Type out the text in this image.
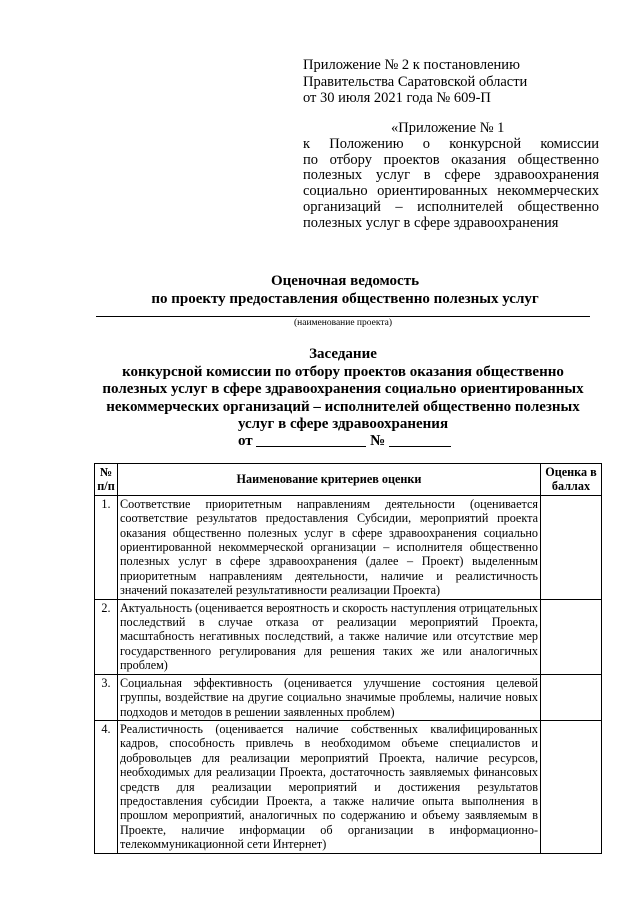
Приложение № 2 к постановлению
Правительства Саратовской области
от 30 июля 2021 года № 609-П
«Приложение № 1
к Положению о конкурсной комиссии
по отбору проектов оказания общественно
полезных услуг в сфере здравоохранения
социально ориентированных некоммерческих
организаций – исполнителей общественно
полезных услуг в сфере здравоохранения
Оценочная ведомость
по проекту предоставления общественно полезных услуг
(наименование проекта)
Заседание
конкурсной комиссии по отбору проектов оказания общественно
полезных услуг в сфере здравоохранения социально ориентированных
некоммерческих организаций – исполнителей общественно полезных
услуг в сфере здравоохранения
от	№
№ п/п	Наименование критериев оценки	Оценка в баллах
1.	Соответствие приоритетным направлениям деятельности (оценивается соответствие результатов предоставления Субсидии, мероприятий проекта оказания общественно полезных услуг в сфере здравоохранения социально ориентированной некоммерческой организации – исполнителя общественно полезных услуг в сфере здравоохранения (далее – Проект) выделенным приоритетным направлениям деятельности, наличие и реалистичность значений показателей результативности реализации Проекта)	
2.	Актуальность (оценивается вероятность и скорость наступления отрицательных последствий в случае отказа от реализации мероприятий Проекта, масштабность негативных последствий, а также наличие или отсутствие мер государственного регулирования для решения таких же или аналогичных проблем)	
3.	Социальная эффективность (оценивается улучшение состояния целевой группы, воздействие на другие социально значимые проблемы, наличие новых подходов и методов в решении заявленных проблем)	
4.	Реалистичность (оценивается наличие собственных квалифицированных кадров, способность привлечь в необходимом объеме специалистов и добровольцев для реализации мероприятий Проекта, наличие ресурсов, необходимых для реализации Проекта, достаточность заявляемых финансовых средств для реализации мероприятий и достижения результатов предоставления субсидии Проекта, а также наличие опыта выполнения в прошлом мероприятий, аналогичных по содержанию и объему заявляемым в Проекте, наличие информации об организации в информационно-телекоммуникационной сети Интернет)	
